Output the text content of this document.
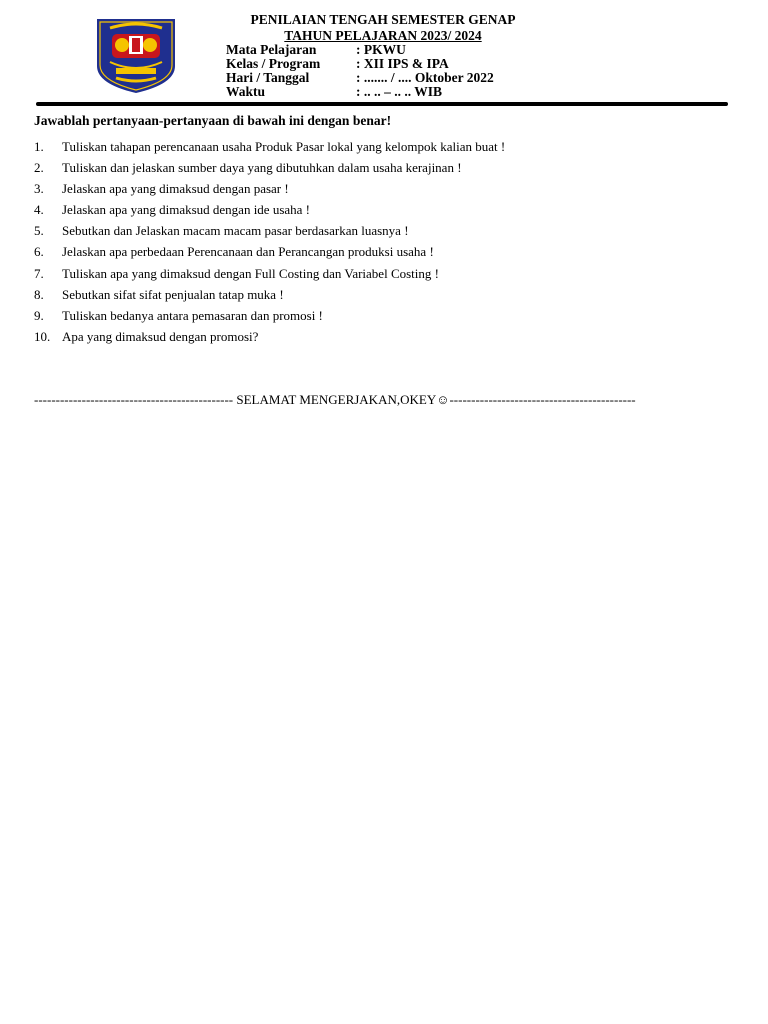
PENILAIAN TENGAH SEMESTER GENAP
TAHUN PELAJARAN 2023/ 2024
Mata Pelajaran	: PKWU
Kelas / Program	: XII IPS & IPA
Hari / Tanggal	: ....... / .... Oktober 2022
Waktu	: .. .. – .. .. WIB
Jawablah pertanyaan-pertanyaan di bawah ini dengan benar!
1.	Tuliskan tahapan perencanaan usaha Produk Pasar lokal yang kelompok kalian buat !
2.	Tuliskan dan jelaskan sumber daya yang dibutuhkan dalam usaha kerajinan !
3.	Jelaskan apa yang dimaksud dengan pasar !
4.	Jelaskan apa yang dimaksud dengan ide usaha !
5.	Sebutkan dan Jelaskan macam macam pasar berdasarkan luasnya !
6.	Jelaskan apa perbedaan Perencanaan dan Perancangan produksi usaha !
7.	Tuliskan apa yang dimaksud dengan Full Costing dan Variabel Costing !
8.	Sebutkan sifat sifat penjualan tatap muka !
9.	Tuliskan bedanya antara pemasaran dan promosi !
10. Apa yang dimaksud dengan promosi?
---------------------------------------------- SELAMAT MENGERJAKAN,OKEY☺-------------------------------------------
